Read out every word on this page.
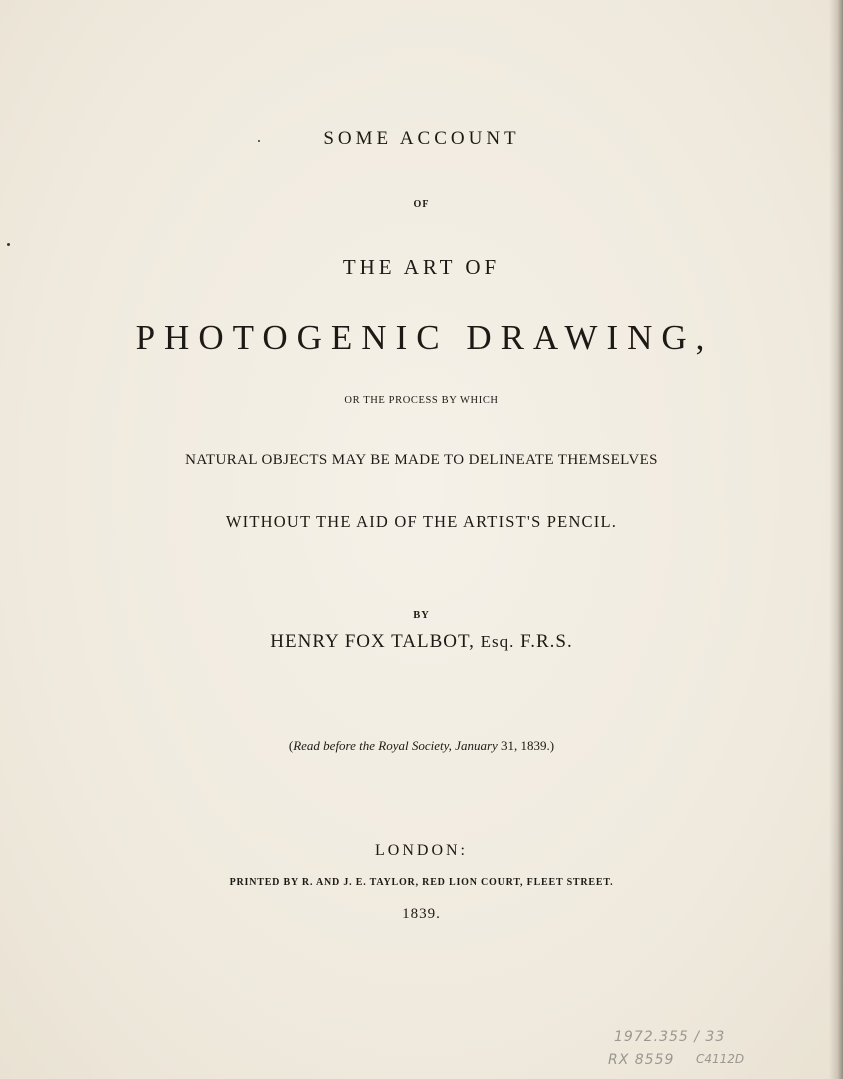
SOME ACCOUNT
OF
THE ART OF
PHOTOGENIC DRAWING,
OR THE PROCESS BY WHICH
NATURAL OBJECTS MAY BE MADE TO DELINEATE THEMSELVES
WITHOUT THE AID OF THE ARTIST'S PENCIL.
BY
HENRY FOX TALBOT, Esq. F.R.S.
(Read before the Royal Society, January 31, 1839.)
LONDON:
PRINTED BY R. AND J. E. TAYLOR, RED LION COURT, FLEET STREET.
1839.
1972.355 / 33
RX 8559 C4112D
